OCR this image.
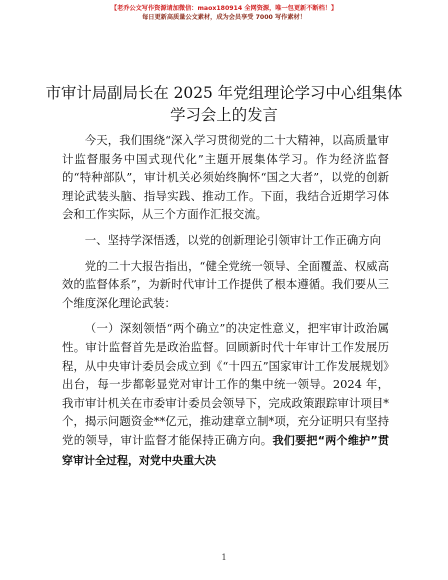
【老乔公文写作资源请加微信：maox180914 全网资源，唯一包更新不断档！】
每日更新高质量公文素材，成为会员享受 7000 写作素材！
市审计局副局长在 2025 年党组理论学习中心组集体学习会上的发言

今天，我们围绕“深入学习贯彻党的二十大精神，以高质量审计监督服务中国式现代化”主题开展集体学习。作为经济监督的“特种部队”，审计机关必须始终胸怀“国之大者”，以党的创新理论武装头脑、指导实践、推动工作。下面，我结合近期学习体会和工作实际，从三个方面作汇报交流。

一、坚持学深悟透，以党的创新理论引领审计工作正确方向

党的二十大报告指出，“健全党统一领导、全面覆盖、权威高效的监督体系”，为新时代审计工作提供了根本遵循。我们要从三个维度深化理论武装：

（一）深刻领悟“两个确立”的决定性意义，把牢审计政治属性。审计监督首先是政治监督。回顾新时代十年审计工作发展历程，从中央审计委员会成立到《“十四五”国家审计工作发展规划》出台，每一步都彰显党对审计工作的集中统一领导。2024 年，我市审计机关在市委审计委员会领导下，完成政策跟踪审计项目*个，揭示问题资金**亿元，推动建章立制*项，充分证明只有坚持党的领导，审计监督才能保持正确方向。我们要把“两个维护”贯穿审计全过程，对党中央重大决

1
